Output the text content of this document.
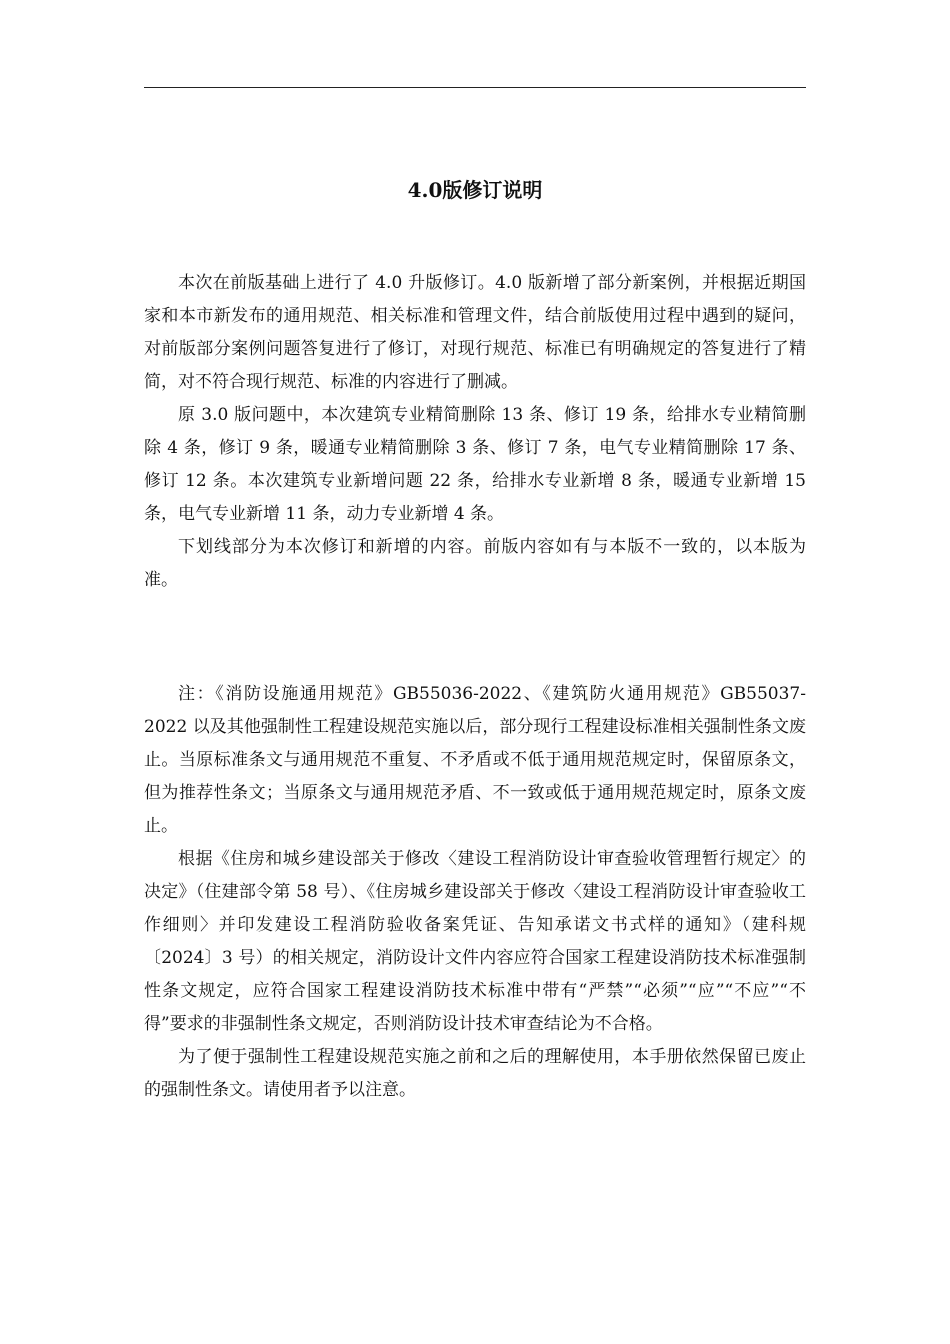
4.0版修订说明

本次在前版基础上进行了 4.0 升版修订。4.0 版新增了部分新案例，并根据近期国家和本市新发布的通用规范、相关标准和管理文件，结合前版使用过程中遇到的疑问，对前版部分案例问题答复进行了修订，对现行规范、标准已有明确规定的答复进行了精简，对不符合现行规范、标准的内容进行了删减。

原 3.0 版问题中，本次建筑专业精简删除 13 条、修订 19 条，给排水专业精简删除 4 条，修订 9 条，暖通专业精简删除 3 条、修订 7 条，电气专业精简删除 17 条、修订 12 条。本次建筑专业新增问题 22 条，给排水专业新增 8 条，暖通专业新增 15 条，电气专业新增 11 条，动力专业新增 4 条。

下划线部分为本次修订和新增的内容。前版内容如有与本版不一致的，以本版为准。

注：《消防设施通用规范》GB55036-2022、《建筑防火通用规范》GB55037-2022 以及其他强制性工程建设规范实施以后，部分现行工程建设标准相关强制性条文废止。当原标准条文与通用规范不重复、不矛盾或不低于通用规范规定时，保留原条文，但为推荐性条文；当原条文与通用规范矛盾、不一致或低于通用规范规定时，原条文废止。

根据《住房和城乡建设部关于修改〈建设工程消防设计审查验收管理暂行规定〉的决定》（住建部令第 58 号）、《住房城乡建设部关于修改〈建设工程消防设计审查验收工作细则〉并印发建设工程消防验收备案凭证、告知承诺文书式样的通知》（建科规〔2024〕3 号）的相关规定，消防设计文件内容应符合国家工程建设消防技术标准强制性条文规定，应符合国家工程建设消防技术标准中带有“严禁”“必须”“应”“不应”“不得”要求的非强制性条文规定，否则消防设计技术审查结论为不合格。

为了便于强制性工程建设规范实施之前和之后的理解使用，本手册依然保留已废止的强制性条文。请使用者予以注意。
